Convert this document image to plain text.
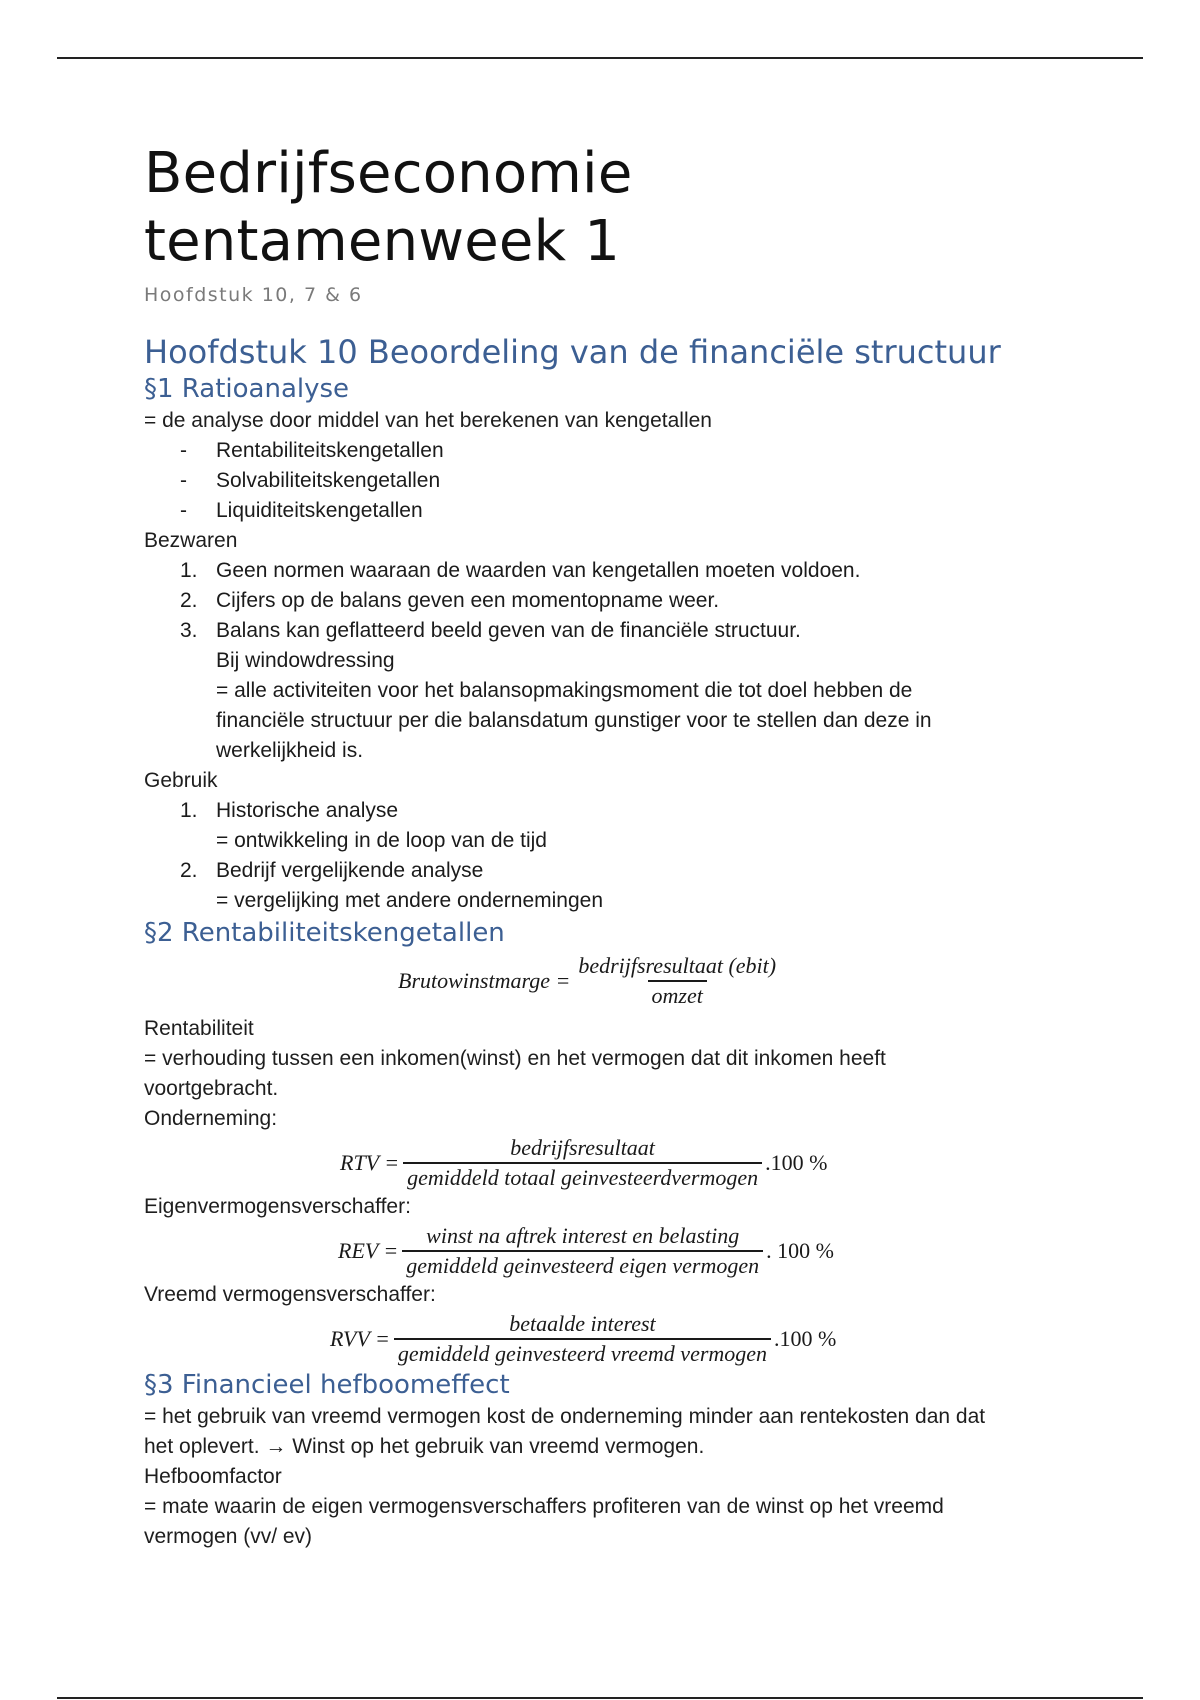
Bedrijfseconomie tentamenweek 1
Hoofdstuk 10, 7 & 6
Hoofdstuk 10 Beoordeling van de financiële structuur
§1 Ratioanalyse
= de analyse door middel van het berekenen van kengetallen
-	Rentabiliteitskengetallen
-	Solvabiliteitskengetallen
-	Liquiditeitskengetallen
Bezwaren
1. Geen normen waaraan de waarden van kengetallen moeten voldoen.
2. Cijfers op de balans geven een momentopname weer.
3. Balans kan geflatteerd beeld geven van de financiële structuur.
Bij windowdressing
= alle activiteiten voor het balansopmakingsmoment die tot doel hebben de
financiële structuur per die balansdatum gunstiger voor te stellen dan deze in
werkelijkheid is.
Gebruik
1. Historische analyse
= ontwikkeling in de loop van de tijd
2. Bedrijf vergelijkende analyse
= vergelijking met andere ondernemingen
§2 Rentabiliteitskengetallen
Brutowinstmarge = $\frac{\text{bedrijfsresultaat (ebit)}}{\text{omzet}}$
Rentabiliteit
= verhouding tussen een inkomen(winst) en het vermogen dat dit inkomen heeft
voortgebracht.
Onderneming:
RTV = $\frac{\text{bedrijfsresultaat}}{\text{gemiddeld totaal geinvesteerdvermogen}} .100$ %
Eigenvermogensverschaffer:
REV = $\frac{\text{winst na aftrek interest en belasting}}{\text{gemiddeld geinvesteerd eigen vermogen}}$ . 100 %
Vreemd vermogensverschaffer:
RVV = $\frac{\text{betaalde interest}}{\text{gemiddeld geinvesteerd vreemd vermogen}} .100$ %
§3 Financieel hefboomeffect
= het gebruik van vreemd vermogen kost de onderneming minder aan rentekosten dan dat
het oplevert. → Winst op het gebruik van vreemd vermogen.
Hefboomfactor
= mate waarin de eigen vermogensverschaffers profiteren van de winst op het vreemd
vermogen (vv/ ev)
